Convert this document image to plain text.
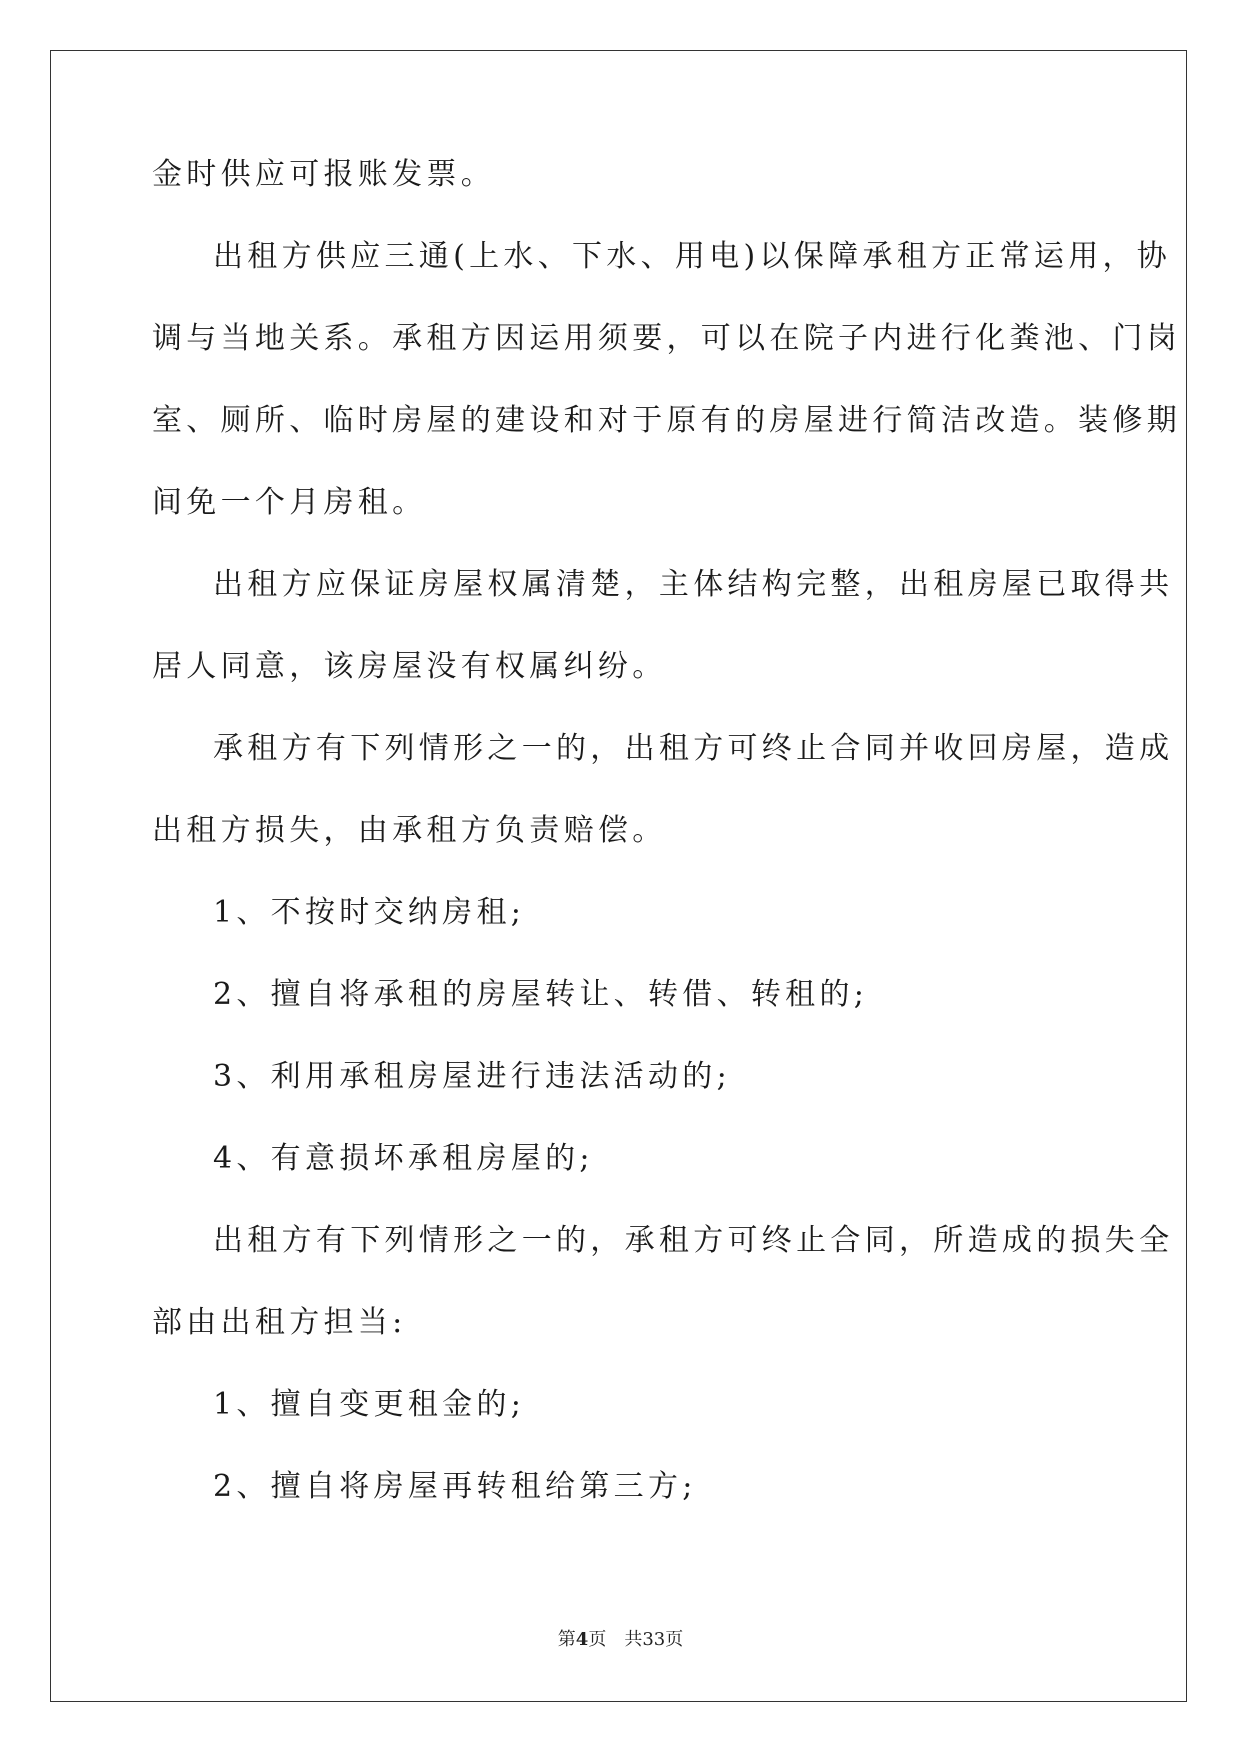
金时供应可报账发票。

出租方供应三通(上水、下水、用电)以保障承租方正常运用，协

调与当地关系。承租方因运用须要，可以在院子内进行化粪池、门岗

室、厕所、临时房屋的建设和对于原有的房屋进行简洁改造。装修期

间免一个月房租。

出租方应保证房屋权属清楚，主体结构完整，出租房屋已取得共

居人同意，该房屋没有权属纠纷。

承租方有下列情形之一的，出租方可终止合同并收回房屋，造成

出租方损失，由承租方负责赔偿。

1、不按时交纳房租;

2、擅自将承租的房屋转让、转借、转租的;

3、利用承租房屋进行违法活动的;

4、有意损坏承租房屋的;

出租方有下列情形之一的，承租方可终止合同，所造成的损失全

部由出租方担当:

1、擅自变更租金的;

2、擅自将房屋再转租给第三方;

第4页 共33页
